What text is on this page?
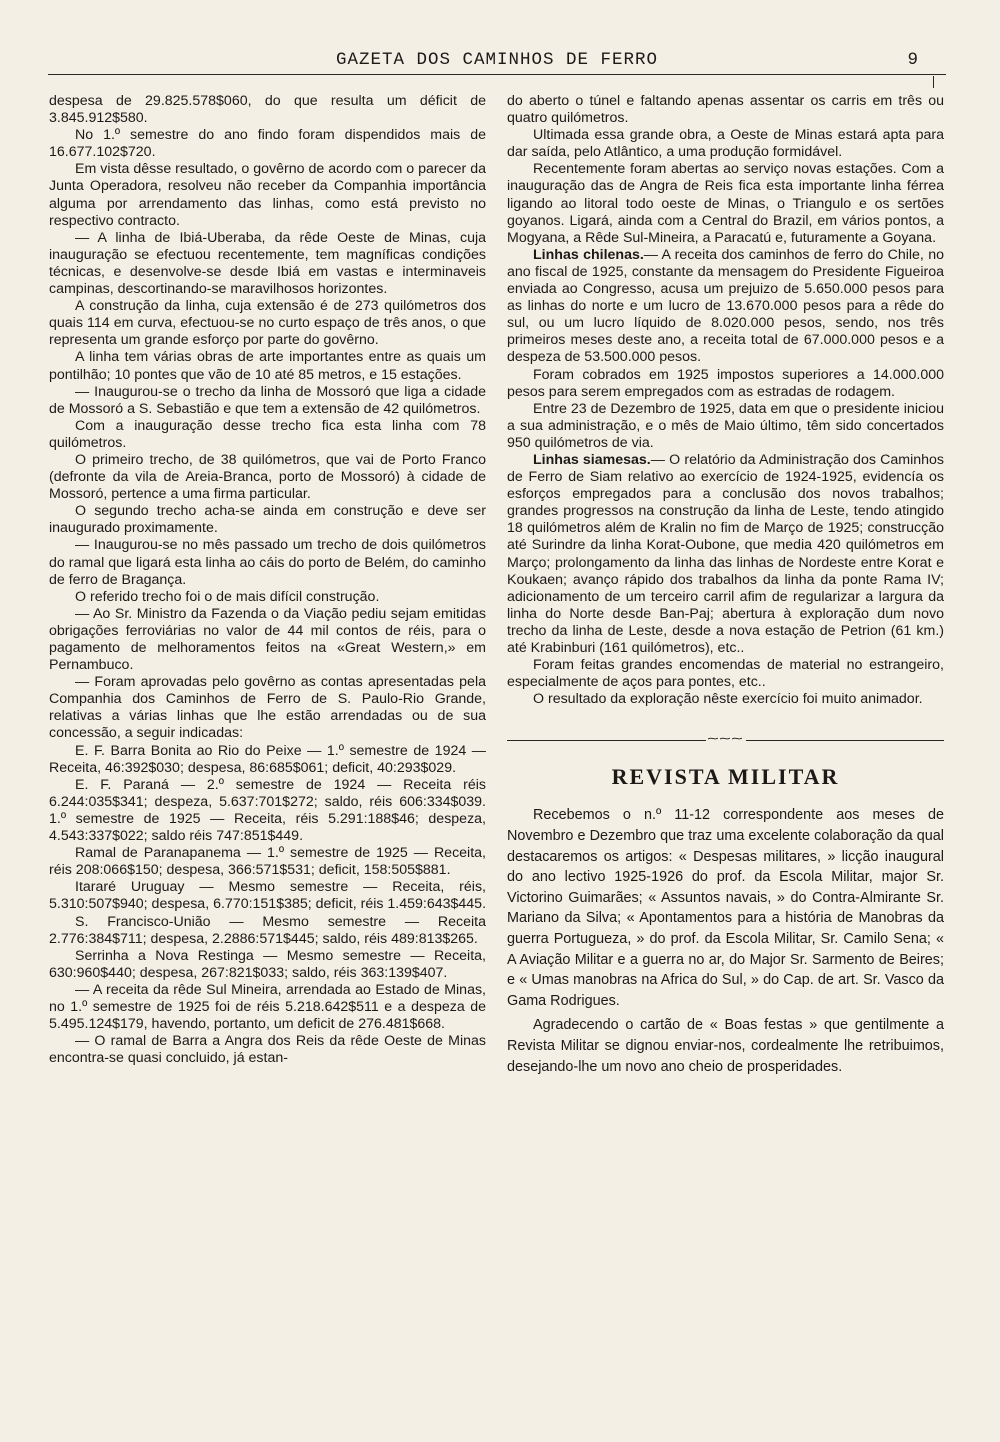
GAZETA DOS CAMINHOS DE FERRO	9

despesa de 29.825.578$060, do que resulta um déficit de 3.845.912$580.

No 1.º semestre do ano findo foram dispendidos mais de 16.677.102$720.

Em vista dêsse resultado, o govêrno de acordo com o parecer da Junta Operadora, resolveu não receber da Companhia importância alguma por arrendamento das linhas, como está previsto no respectivo contracto.

— A linha de Ibiá-Uberaba, da rêde Oeste de Minas, cuja inauguração se efectuou recentemente, tem magníficas condições técnicas, e desenvolve-se desde Ibiá em vastas e interminaveis campinas, descortinando-se maravilhosos horizontes.

A construção da linha, cuja extensão é de 273 quilómetros dos quais 114 em curva, efectuou-se no curto espaço de três anos, o que representa um grande esforço por parte do govêrno.

A linha tem várias obras de arte importantes entre as quais um pontilhão; 10 pontes que vão de 10 até 85 metros, e 15 estações.

— Inaugurou-se o trecho da linha de Mossoró que liga a cidade de Mossoró a S. Sebastião e que tem a extensão de 42 quilómetros.

Com a inauguração desse trecho fica esta linha com 78 quilómetros.

O primeiro trecho, de 38 quilómetros, que vai de Porto Franco (defronte da vila de Areia-Branca, porto de Mossoró) à cidade de Mossoró, pertence a uma firma particular.

O segundo trecho acha-se ainda em construção e deve ser inaugurado proximamente.

— Inaugurou-se no mês passado um trecho de dois quilómetros do ramal que ligará esta linha ao cáis do porto de Belém, do caminho de ferro de Bragança.

O referido trecho foi o de mais difícil construção.

— Ao Sr. Ministro da Fazenda o da Viação pediu sejam emitidas obrigações ferroviárias no valor de 44 mil contos de réis, para o pagamento de melhoramentos feitos na «Great Western,» em Pernambuco.

— Foram aprovadas pelo govêrno as contas apresentadas pela Companhia dos Caminhos de Ferro de S. Paulo-Rio Grande, relativas a várias linhas que lhe estão arrendadas ou de sua concessão, a seguir indicadas:

E. F. Barra Bonita ao Rio do Peixe — 1.º semestre de 1924 — Receita, 46:392$030; despesa, 86:685$061; deficit, 40:293$029.

E. F. Paraná — 2.º semestre de 1924 — Receita réis 6.244:035$341; despeza, 5.637:701$272; saldo, réis 606:334$039. 1.º semestre de 1925 — Receita, réis 5.291:188$46; despeza, 4.543:337$022; saldo réis 747:851$449.

Ramal de Paranapanema — 1.º semestre de 1925 — Receita, réis 208:066$150; despesa, 366:571$531; deficit, 158:505$881.

Itararé Uruguay — Mesmo semestre — Receita, réis, 5.310:507$940; despesa, 6.770:151$385; deficit, réis 1.459:643$445.

S. Francisco-União — Mesmo semestre — Receita 2.776:384$711; despesa, 2.2886:571$445; saldo, réis 489:813$265.

Serrinha a Nova Restinga — Mesmo semestre — Receita, 630:960$440; despesa, 267:821$033; saldo, réis 363:139$407.

— A receita da rêde Sul Mineira, arrendada ao Estado de Minas, no 1.º semestre de 1925 foi de réis 5.218.642$511 e a despeza de 5.495.124$179, havendo, portanto, um deficit de 276.481$668.

— O ramal de Barra a Angra dos Reis da rêde Oeste de Minas encontra-se quasi concluido, já estan-

do aberto o túnel e faltando apenas assentar os carris em três ou quatro quilómetros.

Ultimada essa grande obra, a Oeste de Minas estará apta para dar saída, pelo Atlântico, a uma produção formidável.

Recentemente foram abertas ao serviço novas estações. Com a inauguração das de Angra de Reis fica esta importante linha férrea ligando ao litoral todo oeste de Minas, o Triangulo e os sertões goyanos. Ligará, ainda com a Central do Brazil, em vários pontos, a Mogyana, a Rêde Sul-Mineira, a Paracatú e, futuramente a Goyana.

Linhas chilenas.— A receita dos caminhos de ferro do Chile, no ano fiscal de 1925, constante da mensagem do Presidente Figueiroa enviada ao Congresso, acusa um prejuizo de 5.650.000 pesos para as linhas do norte e um lucro de 13.670.000 pesos para a rêde do sul, ou um lucro líquido de 8.020.000 pesos, sendo, nos três primeiros meses deste ano, a receita total de 67.000.000 pesos e a despeza de 53.500.000 pesos.

Foram cobrados em 1925 impostos superiores a 14.000.000 pesos para serem empregados com as estradas de rodagem.

Entre 23 de Dezembro de 1925, data em que o presidente iniciou a sua administração, e o mês de Maio último, têm sido concertados 950 quilómetros de via.

Linhas siamesas.— O relatório da Administração dos Caminhos de Ferro de Siam relativo ao exercício de 1924-1925, evidencía os esforços empregados para a conclusão dos novos trabalhos; grandes progressos na construção da linha de Leste, tendo atingido 18 quilómetros além de Kralin no fim de Março de 1925; construcção até Surindre da linha Korat-Oubone, que media 420 quilómetros em Março; prolongamento da linha das linhas de Nordeste entre Korat e Koukaen; avanço rápido dos trabalhos da linha da ponte Rama IV; adicionamento de um terceiro carril afim de regularizar a largura da linha do Norte desde Ban-Paj; abertura à exploração dum novo trecho da linha de Leste, desde a nova estação de Petrion (61 km.) até Krabinburi (161 quilómetros), etc..

Foram feitas grandes encomendas de material no estrangeiro, especialmente de aços para pontes, etc..

O resultado da exploração nêste exercício foi muito animador.

⁓⁓⁓
REVISTA MILITAR

Recebemos o n.º 11-12 correspondente aos meses de Novembro e Dezembro que traz uma excelente colaboração da qual destacaremos os artigos: « Despesas militares, » licção inaugural do ano lectivo 1925-1926 do prof. da Escola Militar, major Sr. Victorino Guimarães; « Assuntos navais, » do Contra-Almirante Sr. Mariano da Silva; « Apontamentos para a história de Manobras da guerra Portugueza, » do prof. da Escola Militar, Sr. Camilo Sena; « A Aviação Militar e a guerra no ar, do Major Sr. Sarmento de Beires; e « Umas manobras na Africa do Sul, » do Cap. de art. Sr. Vasco da Gama Rodrigues.

Agradecendo o cartão de « Boas festas » que gentilmente a Revista Militar se dignou enviar-nos, cordealmente lhe retribuimos, desejando-lhe um novo ano cheio de prosperidades.
